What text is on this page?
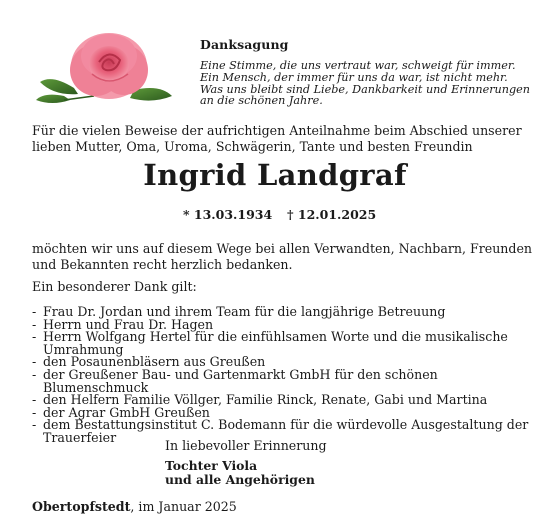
Danksagung
Eine Stimme, die uns vertraut war, schweigt für immer.
Ein Mensch, der immer für uns da war, ist nicht mehr.
Was uns bleibt sind Liebe, Dankbarkeit und Erinnerungen
an die schönen Jahre.
Für die vielen Beweise der aufrichtigen Anteilnahme beim Abschied unserer
lieben Mutter, Oma, Uroma, Schwägerin, Tante und besten Freundin
Ingrid Landgraf
* 13.03.1934 † 12.01.2025
möchten wir uns auf diesem Wege bei allen Verwandten, Nachbarn, Freunden
und Bekannten recht herzlich bedanken.
Ein besonderer Dank gilt:
- Frau Dr. Jordan und ihrem Team für die langjährige Betreuung
- Herrn und Frau Dr. Hagen
- Herrn Wolfgang Hertel für die einfühlsamen Worte und die musikalische
Umrahmung
- den Posaunenbläsern aus Greußen
- der Greußener Bau- und Gartenmarkt GmbH für den schönen Blumenschmuck
- den Helfern Familie Völlger, Familie Rinck, Renate, Gabi und Martina
- der Agrar GmbH Greußen
- dem Bestattungsinstitut C. Bodemann für die würdevolle Ausgestaltung der
Trauerfeier
In liebevoller Erinnerung
Tochter Viola
und alle Angehörigen
Obertopfstedt, im Januar 2025
